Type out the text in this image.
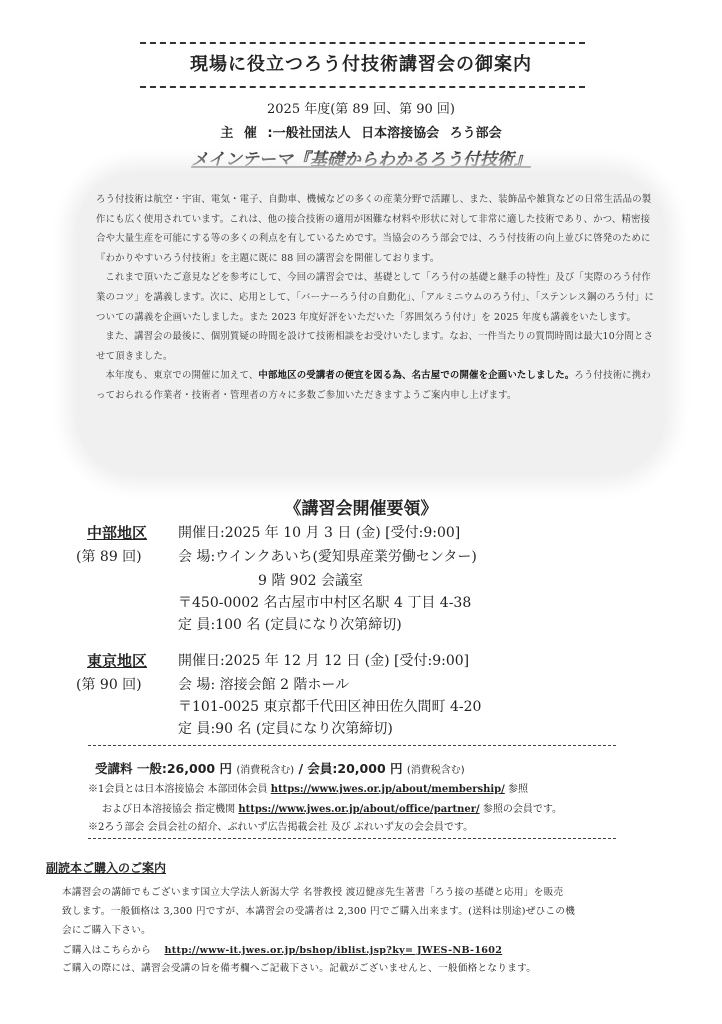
現場に役立つろう付技術講習会の御案内
2025 年度(第 89 回、第 90 回)
主 催 :一般社団法人 日本溶接協会 ろう部会
メインテーマ『基礎からわかるろう付技術』

ろう付技術は航空・宇宙、電気・電子、自動車、機械などの多くの産業分野で活躍し、また、装飾品や雑貨などの日常生活品の製作にも広く使用されています。これは、他の接合技術の適用が困難な材料や形状に対して非常に適した技術であり、かつ、精密接合や大量生産を可能にする等の多くの利点を有しているためです。当協会のろう部会では、ろう付技術の向上並びに啓発のために『わかりやすいろう付技術』を主題に既に 88 回の講習会を開催しております。

これまで頂いたご意見などを参考にして、今回の講習会では、基礎として「ろう付の基礎と継手の特性」及び「実際のろう付作業のコツ」を講義します。次に、応用として、「バーナーろう付の自動化」、「アルミニウムのろう付」、「ステンレス鋼のろう付」についての講義を企画いたしました。また 2023 年度好評をいただいた「雰囲気ろう付け」を 2025 年度も講義をいたします。

また、講習会の最後に、個別質疑の時間を設けて技術相談をお受けいたします。なお、一件当たりの質問時間は最大10分間とさせて頂きました。

本年度も、東京での開催に加えて、中部地区の受講者の便宜を図る為、名古屋での開催を企画いたしました。ろう付技術に携わっておられる作業者・技術者・管理者の方々に多数ご参加いただきますようご案内申し上げます。

《講習会開催要領》
中部地区
(第 89 回)
開催日:2025 年 10 月 3 日 (金) [受付:9:00]
会 場:ウインクあいち(愛知県産業労働センター)
9 階 902 会議室
〒450-0002 名古屋市中村区名駅 4 丁目 4-38
定 員:100 名 (定員になり次第締切)
東京地区
(第 90 回)
開催日:2025 年 12 月 12 日 (金) [受付:9:00]
会 場: 溶接会館 2 階ホール
〒101-0025 東京都千代田区神田佐久間町 4-20
定 員:90 名 (定員になり次第締切)
受講料 一般:26,000 円 (消費税含む) / 会員:20,000 円 (消費税含む)
※1会員とは日本溶接協会 本部団体会員 https://www.jwes.or.jp/about/membership/ 参照
および日本溶接協会 指定機関 https://www.jwes.or.jp/about/office/partner/ 参照の会員です。
※2ろう部会 会員会社の紹介、ぶれいず広告掲載会社 及び ぶれいず友の会会員です。
副読本ご購入のご案内
本講習会の講師でもございます国立大学法人新潟大学 名誉教授 渡辺健彦先生著書「ろう接の基礎と応用」を販売
致します。一般価格は 3,300 円ですが、本講習会の受講者は 2,300 円でご購入出来ます。(送料は別途)ぜひこの機
会にご購入下さい。
ご購入はこちらから http://www-it.jwes.or.jp/bshop/iblist.jsp?ky= JWES-NB-1602
ご購入の際には、講習会受講の旨を備考欄へご記載下さい。記載がございませんと、一般価格となります。
